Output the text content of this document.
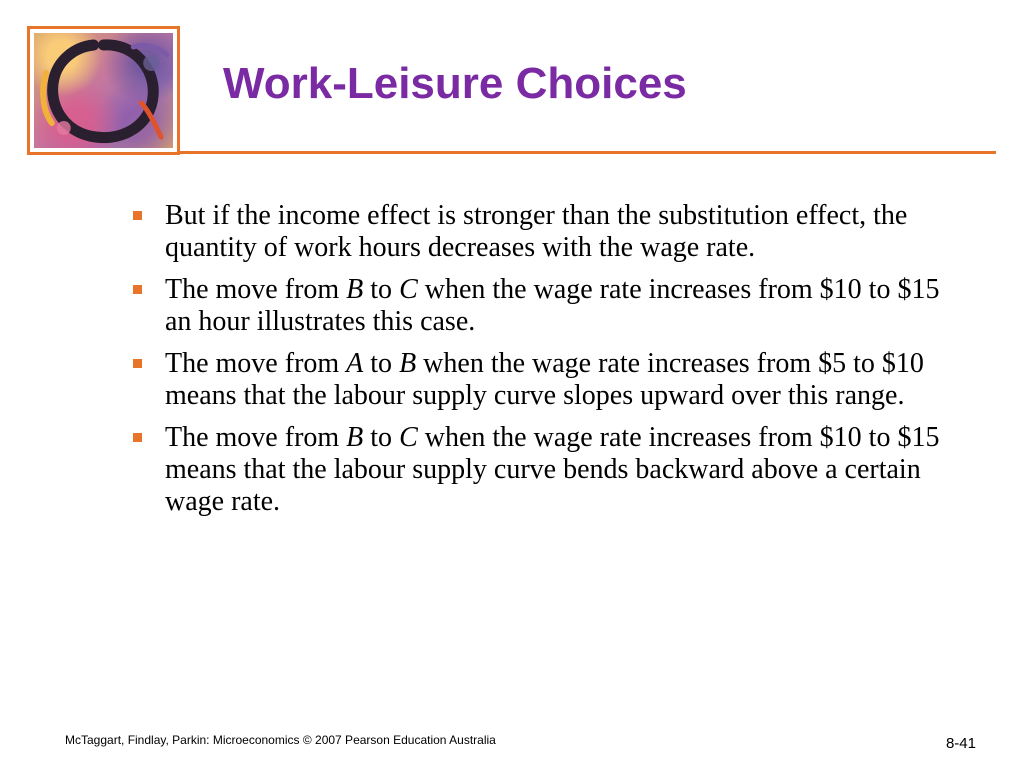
Work-Leisure Choices
But if the income effect is stronger than the substitution effect, the quantity of work hours decreases with the wage rate.
The move from B to C when the wage rate increases from $10 to $15 an hour illustrates this case.
The move from A to B when the wage rate increases from $5 to $10 means that the labour supply curve slopes upward over this range.
The move from B to C when the wage rate increases from $10 to $15 means that the labour supply curve bends backward above a certain wage rate.
McTaggart, Findlay, Parkin: Microeconomics © 2007 Pearson Education Australia	8-41
